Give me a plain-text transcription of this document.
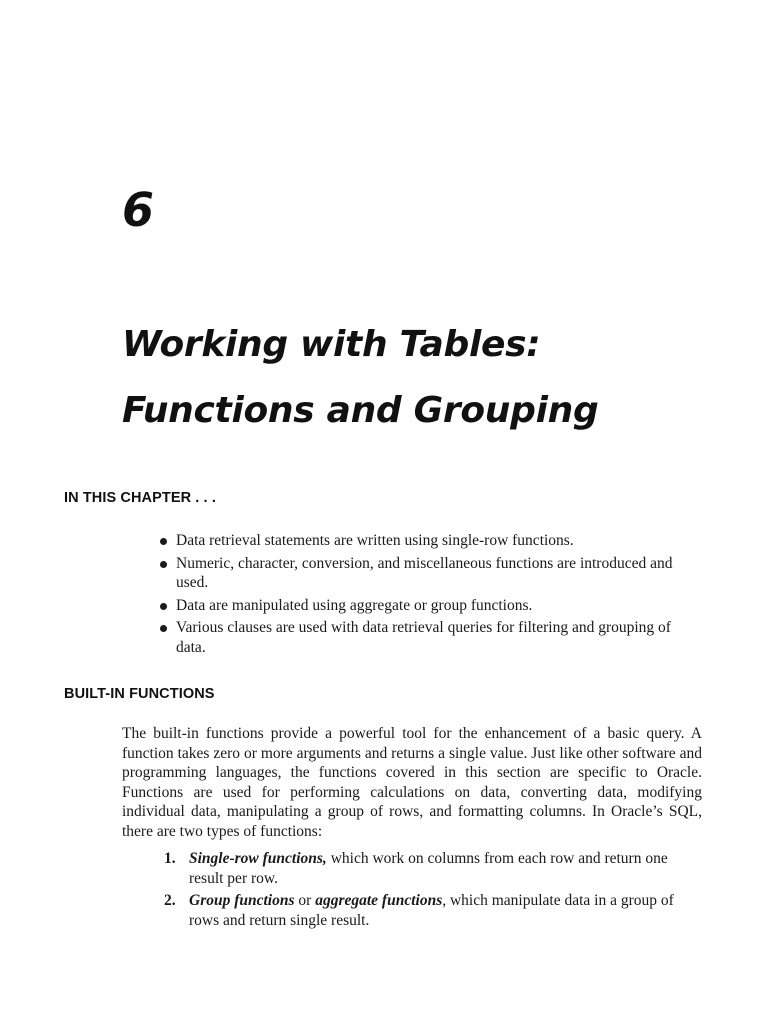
6
Working with Tables:
Functions and Grouping
IN THIS CHAPTER . . .
Data retrieval statements are written using single-row functions.
Numeric, character, conversion, and miscellaneous functions are introduced and used.
Data are manipulated using aggregate or group functions.
Various clauses are used with data retrieval queries for filtering and grouping of data.
BUILT-IN FUNCTIONS

The built-in functions provide a powerful tool for the enhancement of a basic query. A function takes zero or more arguments and returns a single value. Just like other software and programming languages, the functions covered in this section are specific to Oracle. Functions are used for performing calculations on data, converting data, modifying individual data, manipulating a group of rows, and formatting columns. In Oracle’s SQL, there are two types of functions:

1. Single-row functions, which work on columns from each row and return one result per row.
2. Group functions or aggregate functions, which manipulate data in a group of rows and return single result.
